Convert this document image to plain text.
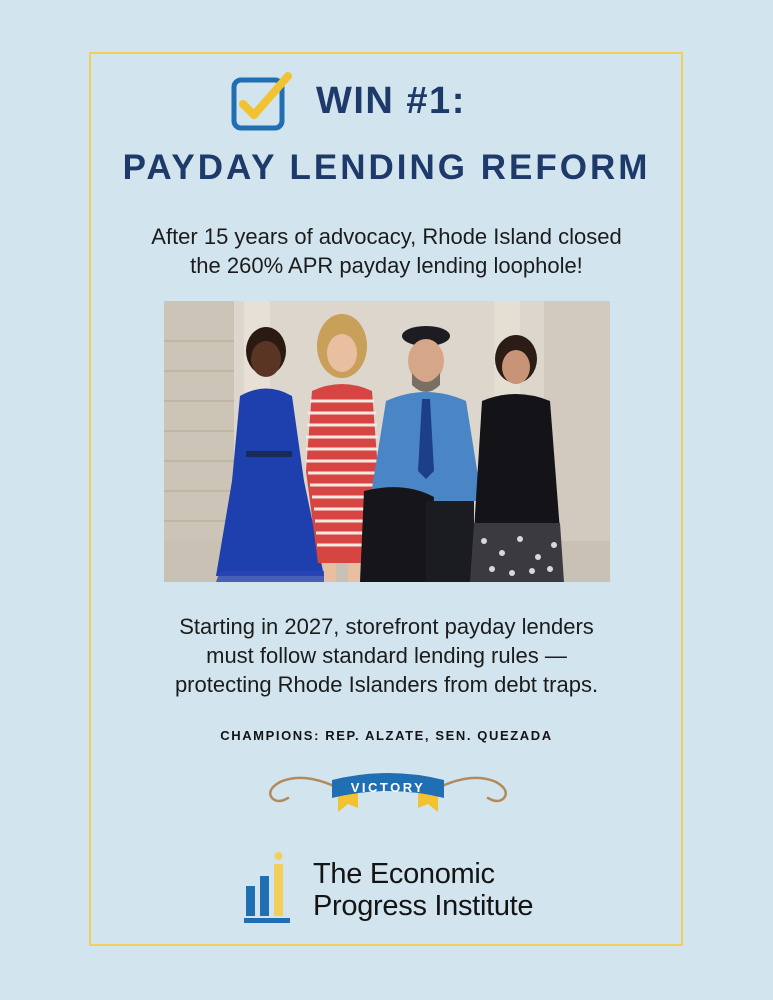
WIN #1:
PAYDAY LENDING REFORM
After 15 years of advocacy, Rhode Island closed
the 260% APR payday lending loophole!
Starting in 2027, storefront payday lenders
must follow standard lending rules —
protecting Rhode Islanders from debt traps.
CHAMPIONS: REP. ALZATE, SEN. QUEZADA
VICTORY
The Economic
Progress Institute
